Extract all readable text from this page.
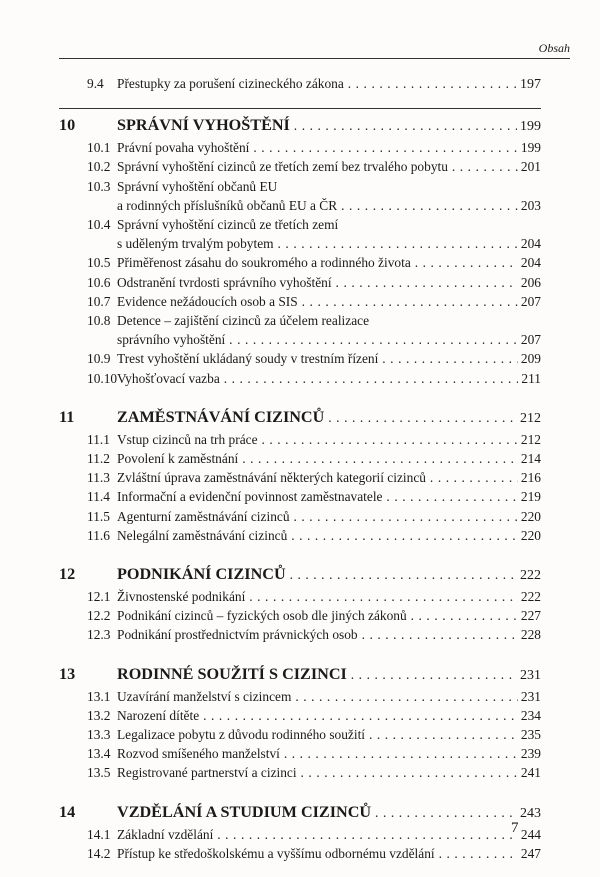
Obsah
9.4 Přestupky za porušení cizineckého zákona . . .	197
10	SPRÁVNÍ VYHOŠTĚNÍ . . .	199
10.1 Právní povaha vyhoštění . . .	199
10.2 Správní vyhoštění cizinců ze třetích zemí bez trvalého pobytu . . .	201
10.3 Správní vyhoštění občanů EU
a rodinných příslušníků občanů EU a ČR . . .	203
10.4 Správní vyhoštění cizinců ze třetích zemí
s uděleným trvalým pobytem . . .	204
10.5 Přiměřenost zásahu do soukromého a rodinného života . . .	204
10.6 Odstranění tvrdosti správního vyhoštění . . .	206
10.7 Evidence nežádoucích osob a SIS . . .	207
10.8 Detence – zajištění cizinců za účelem realizace
správního vyhoštění . . .	207
10.9 Trest vyhoštění ukládaný soudy v trestním řízení . . .	209
10.10 Vyhošťovací vazba . . .	211
11	ZAMĚSTNÁVÁNÍ CIZINCŮ . . .	212
11.1 Vstup cizinců na trh práce . . .	212
11.2 Povolení k zaměstnání . . .	214
11.3 Zvláštní úprava zaměstnávání některých kategorií cizinců . . .	216
11.4 Informační a evidenční povinnost zaměstnavatele . . .	219
11.5 Agenturní zaměstnávání cizinců . . .	220
11.6 Nelegální zaměstnávání cizinců . . .	220
12	PODNIKÁNÍ CIZINCŮ . . .	222
12.1 Živnostenské podnikání . . .	222
12.2 Podnikání cizinců – fyzických osob dle jiných zákonů . . .	227
12.3 Podnikání prostřednictvím právnických osob . . .	228
13	RODINNÉ SOUŽITÍ S CIZINCI . . .	231
13.1 Uzavírání manželství s cizincem . . .	231
13.2 Narození dítěte . . .	234
13.3 Legalizace pobytu z důvodu rodinného soužití . . .	235
13.4 Rozvod smíšeného manželství . . .	239
13.5 Registrované partnerství a cizinci . . .	241
14	VZDĚLÁNÍ A STUDIUM CIZINCŮ . . .	243
14.1 Základní vzdělání . . .	244
14.2 Přístup ke středoškolskému a vyššímu odbornému vzdělání . . .	247
7
